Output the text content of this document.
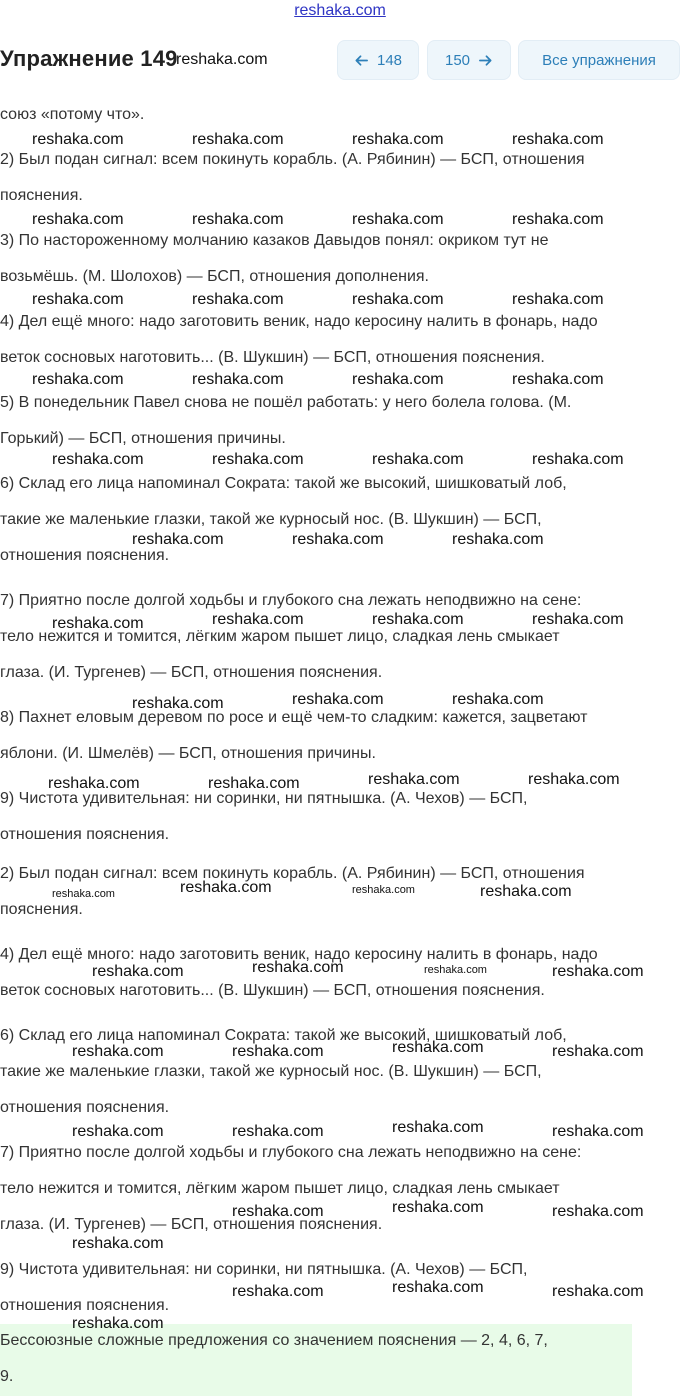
reshaka.com
Упражнение 149
reshaka.com	148	150	Все упражнения
союз «потому что».
2) Был подан сигнал: всем покинуть корабль. (А. Рябинин) — БСП, отношения
пояснения.
3) По настороженному молчанию казаков Давыдов понял: окриком тут не
возьмёшь. (М. Шолохов) — БСП, отношения дополнения.
4) Дел ещё много: надо заготовить веник, надо керосину налить в фонарь, надо
веток сосновых наготовить... (В. Шукшин) — БСП, отношения пояснения.
5) В понедельник Павел снова не пошёл работать: у него болела голова. (М.
Горький) — БСП, отношения причины.
6) Склад его лица напоминал Сократа: такой же высокий, шишковатый лоб,
такие же маленькие глазки, такой же курносый нос. (В. Шукшин) — БСП,
отношения пояснения.
7) Приятно после долгой ходьбы и глубокого сна лежать неподвижно на сене:
тело нежится и томится, лёгким жаром пышет лицо, сладкая лень смыкает
глаза. (И. Тургенев) — БСП, отношения пояснения.
8) Пахнет еловым деревом по росе и ещё чем-то сладким: кажется, зацветают
яблони. (И. Шмелёв) — БСП, отношения причины.
9) Чистота удивительная: ни соринки, ни пятнышка. (А. Чехов) — БСП,
отношения пояснения.
2) Был подан сигнал: всем покинуть корабль. (А. Рябинин) — БСП, отношения
пояснения.
4) Дел ещё много: надо заготовить веник, надо керосину налить в фонарь, надо
веток сосновых наготовить... (В. Шукшин) — БСП, отношения пояснения.
6) Склад его лица напоминал Сократа: такой же высокий, шишковатый лоб,
такие же маленькие глазки, такой же курносый нос. (В. Шукшин) — БСП,
отношения пояснения.
7) Приятно после долгой ходьбы и глубокого сна лежать неподвижно на сене:
тело нежится и томится, лёгким жаром пышет лицо, сладкая лень смыкает
глаза. (И. Тургенев) — БСП, отношения пояснения.
9) Чистота удивительная: ни соринки, ни пятнышка. (А. Чехов) — БСП,
отношения пояснения.
Бессоюзные сложные предложения со значением пояснения — 2, 4, 6, 7,
9.
reshaka.com	reshaka.com	reshaka.com	reshaka.com
reshaka.com	reshaka.com	reshaka.com	reshaka.com
reshaka.com	reshaka.com	reshaka.com	reshaka.com
reshaka.com	reshaka.com	reshaka.com	reshaka.com
reshaka.com	reshaka.com	reshaka.com	reshaka.com
reshaka.com	reshaka.com	reshaka.com
reshaka.com	reshaka.com	reshaka.com	reshaka.com
reshaka.com	reshaka.com	reshaka.com
reshaka.com	reshaka.com	reshaka.com	reshaka.com
reshaka.com	reshaka.com	reshaka.com	reshaka.com
reshaka.com	reshaka.com	reshaka.com	reshaka.com
reshaka.com	reshaka.com	reshaka.com	reshaka.com
reshaka.com	reshaka.com	reshaka.com	reshaka.com
reshaka.com	reshaka.com	reshaka.com
reshaka.com
reshaka.com	reshaka.com	reshaka.com
reshaka.com
